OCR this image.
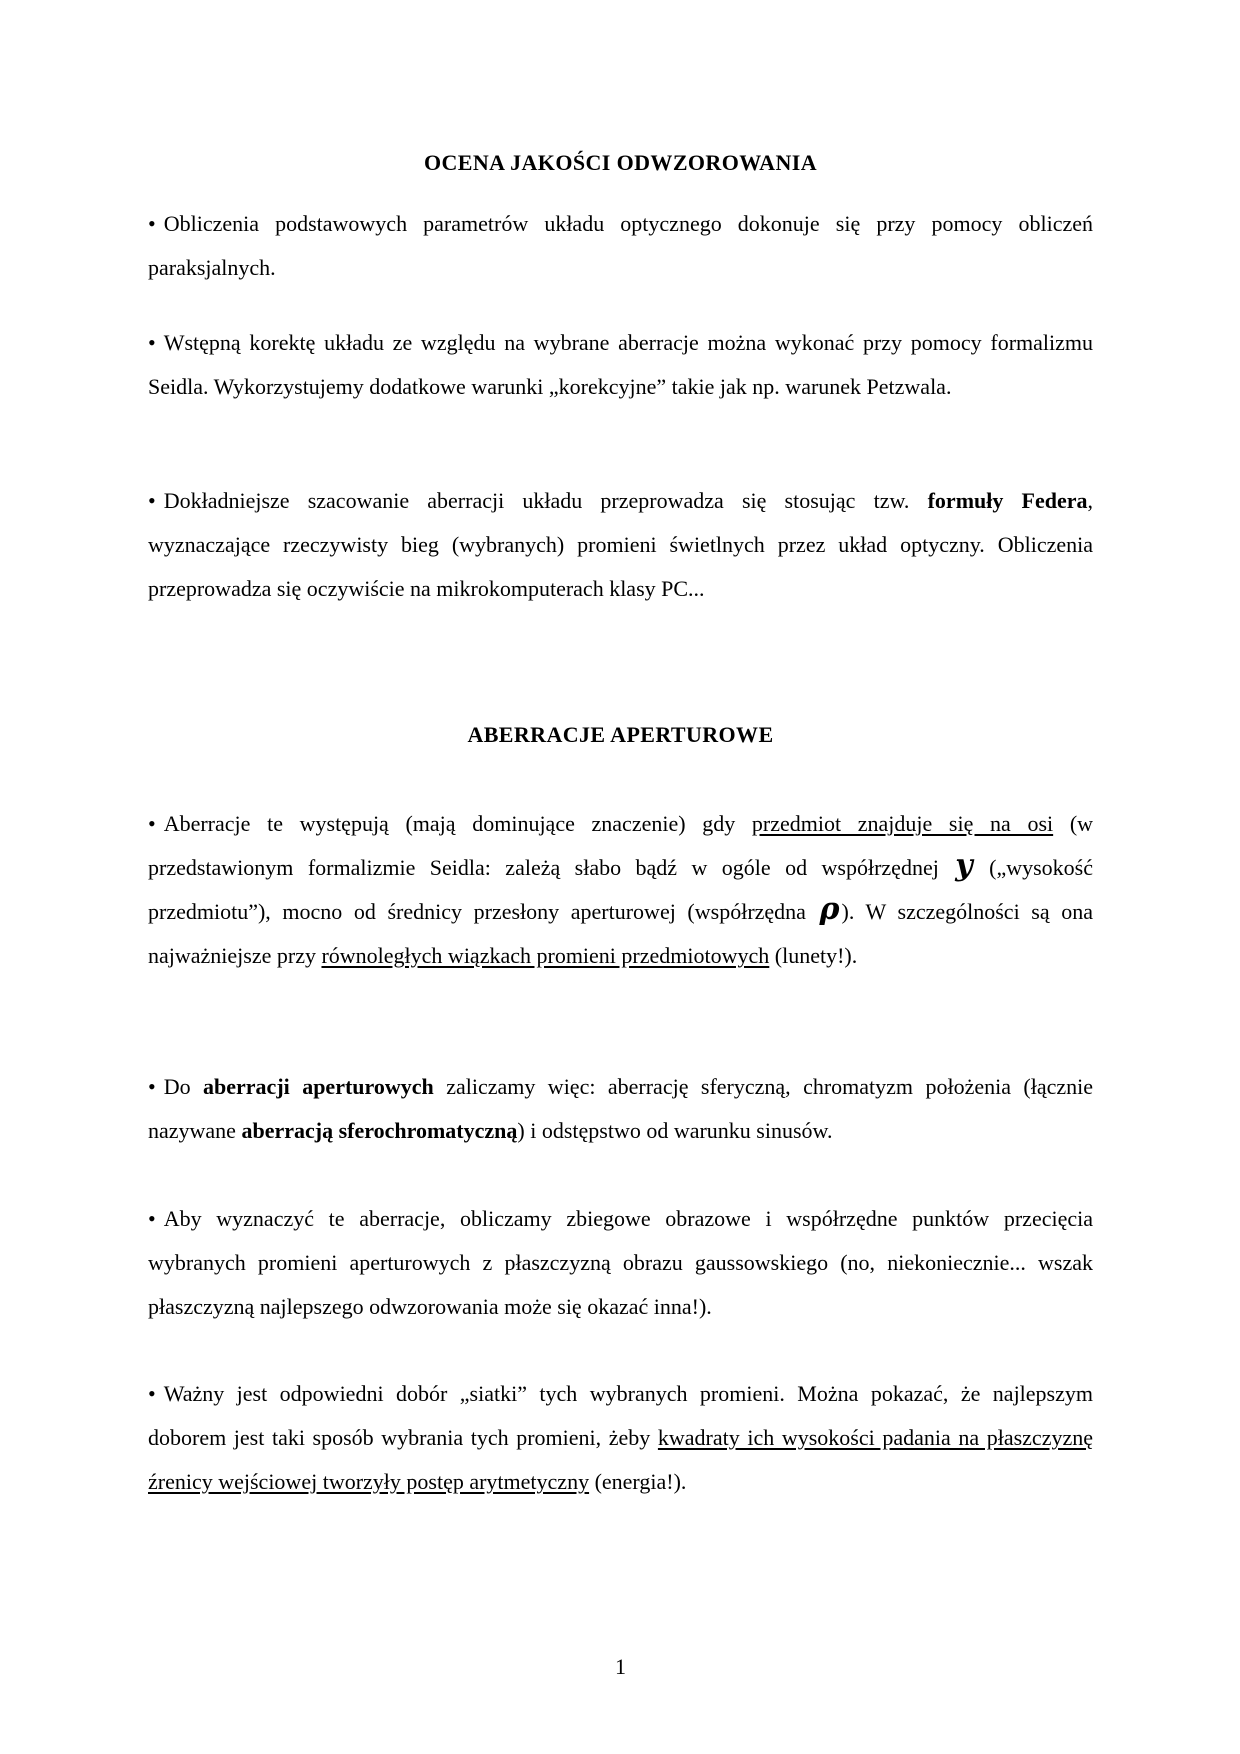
OCENA JAKOŚCI ODWZOROWANIA

• Obliczenia podstawowych parametrów układu optycznego dokonuje się przy pomocy obliczeń paraksjalnych.

• Wstępną korektę układu ze względu na wybrane aberracje można wykonać przy pomocy formalizmu Seidla. Wykorzystujemy dodatkowe warunki „korekcyjne” takie jak np. warunek Petzwala.

• Dokładniejsze szacowanie aberracji układu przeprowadza się stosując tzw. formuły Federa, wyznaczające rzeczywisty bieg (wybranych) promieni świetlnych przez układ optyczny. Obliczenia przeprowadza się oczywiście na mikrokomputerach klasy PC...

ABERRACJE APERTUROWE

• Aberracje te występują (mają dominujące znaczenie) gdy przedmiot znajduje się na osi (w przedstawionym formalizmie Seidla: zależą słabo bądź w ogóle od współrzędnej y („wysokość przedmiotu”), mocno od średnicy przesłony aperturowej (współrzędna ρ). W szczególności są ona najważniejsze przy równoległych wiązkach promieni przedmiotowych (lunety!).

• Do aberracji aperturowych zaliczamy więc: aberrację sferyczną, chromatyzm położenia (łącznie nazywane aberracją sferochromatyczną) i odstępstwo od warunku sinusów.

• Aby wyznaczyć te aberracje, obliczamy zbiegowe obrazowe i współrzędne punktów przecięcia wybranych promieni aperturowych z płaszczyzną obrazu gaussowskiego (no, niekoniecznie... wszak płaszczyzną najlepszego odwzorowania może się okazać inna!).

• Ważny jest odpowiedni dobór „siatki” tych wybranych promieni. Można pokazać, że najlepszym doborem jest taki sposób wybrania tych promieni, żeby kwadraty ich wysokości padania na płaszczyznę źrenicy wejściowej tworzyły postęp arytmetyczny (energia!).

1
